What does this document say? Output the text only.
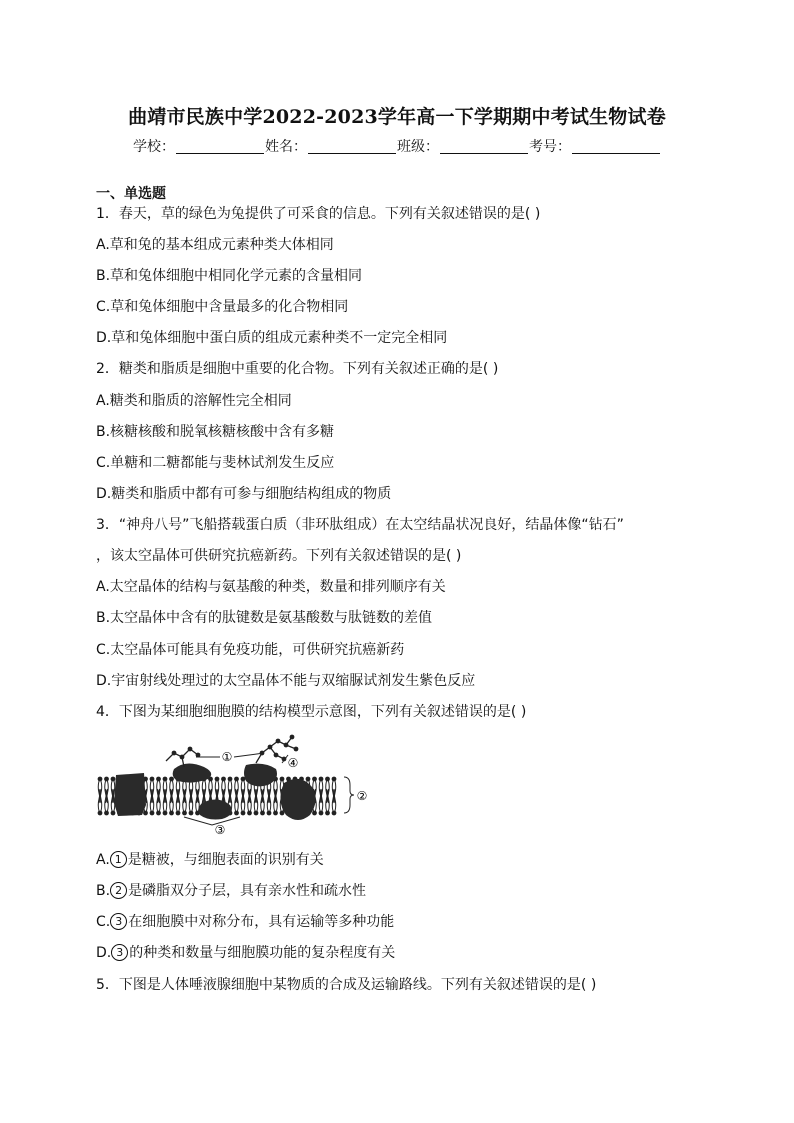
曲靖市民族中学2022-2023学年高一下学期期中考试生物试卷
学校：	姓名：	班级：	考号：
一、单选题
1．春天，草的绿色为兔提供了可采食的信息。下列有关叙述错误的是( )
A.草和兔的基本组成元素种类大体相同
B.草和兔体细胞中相同化学元素的含量相同
C.草和兔体细胞中含量最多的化合物相同
D.草和兔体细胞中蛋白质的组成元素种类不一定完全相同
2．糖类和脂质是细胞中重要的化合物。下列有关叙述正确的是( )
A.糖类和脂质的溶解性完全相同
B.核糖核酸和脱氧核糖核酸中含有多糖
C.单糖和二糖都能与斐林试剂发生反应
D.糖类和脂质中都有可参与细胞结构组成的物质
3．“神舟八号”飞船搭载蛋白质（非环肽组成）在太空结晶状况良好，结晶体像“钻石”
，该太空晶体可供研究抗癌新药。下列有关叙述错误的是( )
A.太空晶体的结构与氨基酸的种类，数量和排列顺序有关
B.太空晶体中含有的肽键数是氨基酸数与肽链数的差值
C.太空晶体可能具有免疫功能，可供研究抗癌新药
D.宇宙射线处理过的太空晶体不能与双缩脲试剂发生紫色反应
4．下图为某细胞细胞膜的结构模型示意图，下列有关叙述错误的是( )
①	④
②
③
A. 1 是糖被，与细胞表面的识别有关
B. 2 是磷脂双分子层，具有亲水性和疏水性
C. 3 在细胞膜中对称分布，具有运输等多种功能
D. 3 的种类和数量与细胞膜功能的复杂程度有关
5．下图是人体唾液腺细胞中某物质的合成及运输路线。下列有关叙述错误的是( )
